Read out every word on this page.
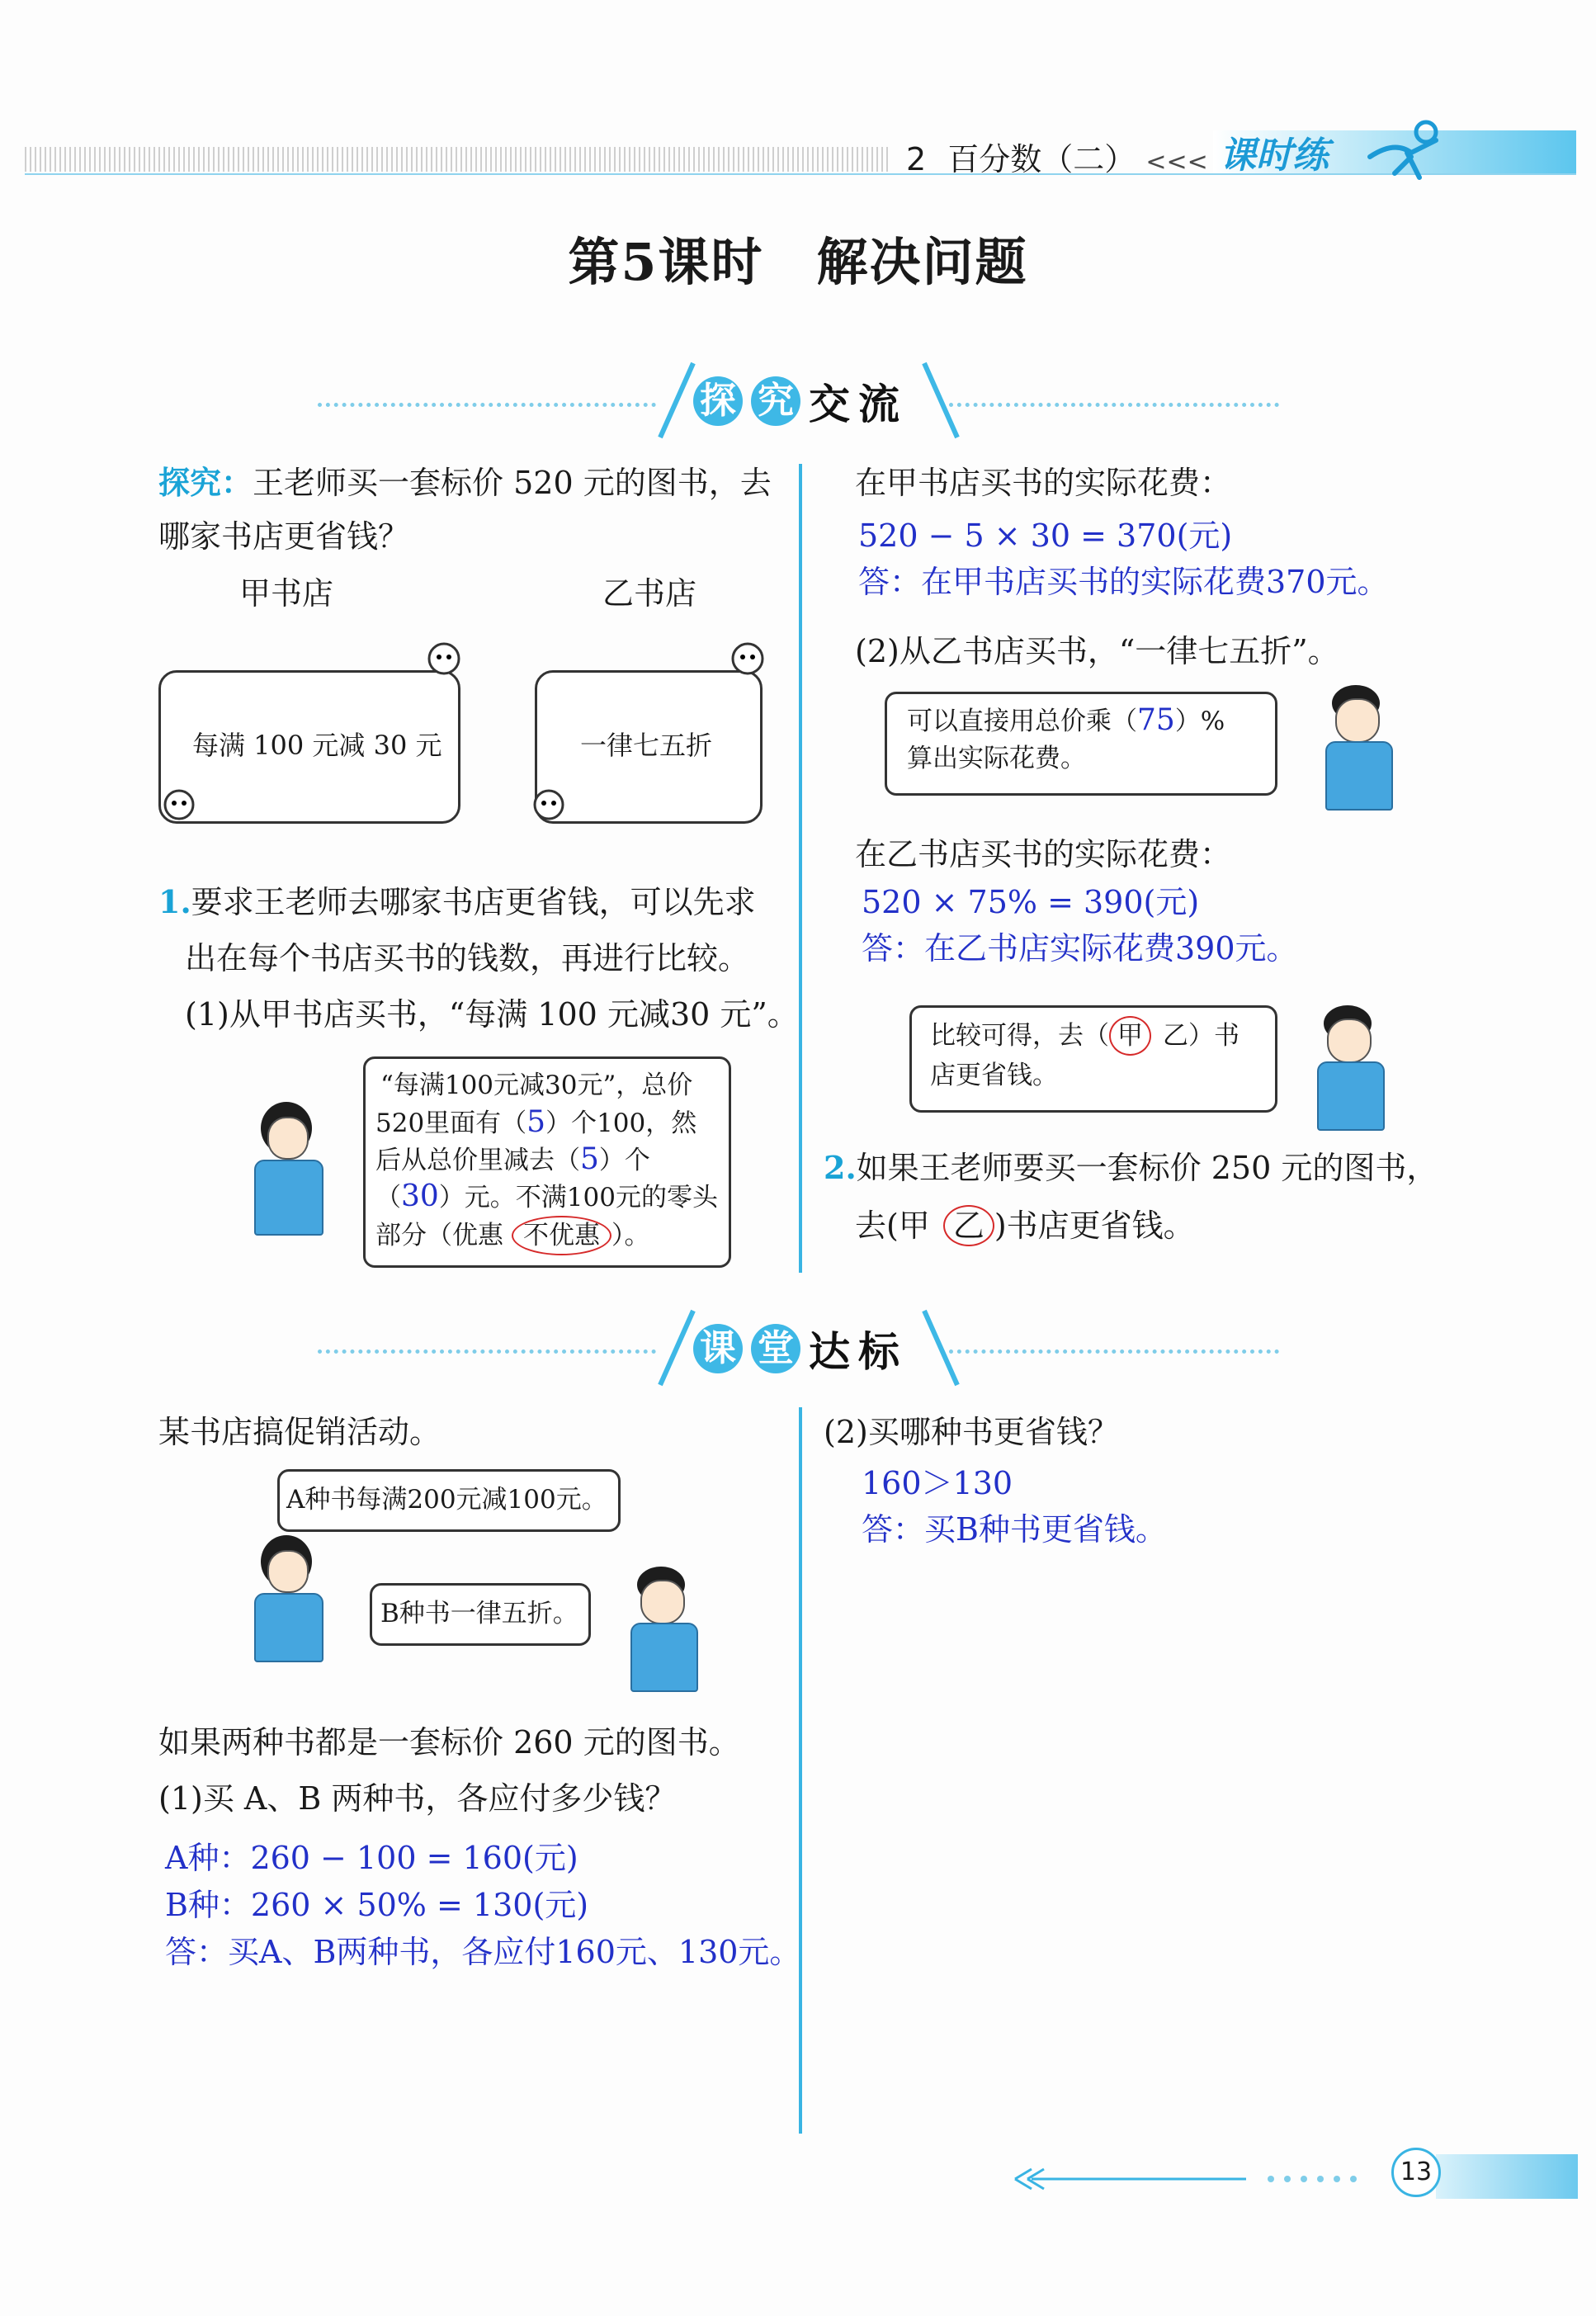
2 百分数（二） <<< 课时练
第5课时　解决问题
探 究 交 流
探究：王老师买一套标价 520 元的图书，去
哪家书店更省钱？
甲书店	乙书店
每满 100 元减 30 元	一律七五折
1.要求王老师去哪家书店更省钱，可以先求
出在每个书店买书的钱数，再进行比较。
(1)从甲书店买书，“每满 100 元减30 元”。
“每满100元减30元”，总价
520里面有（5）个100，然
后从总价里减去（5）个
（30）元。不满100元的零头
部分（优惠 不优惠 ）。
在甲书店买书的实际花费：
520 − 5 × 30 = 370(元)
答：在甲书店买书的实际花费370元。
(2)从乙书店买书，“一律七五折”。
可以直接用总价乘（75）%
算出实际花费。
在乙书店买书的实际花费：
520 × 75% = 390(元)
答：在乙书店实际花费390元。
比较可得，去（ 甲 乙）书
店更省钱。
2.如果王老师要买一套标价 250 元的图书，
去(甲 乙 )书店更省钱。
课 堂 达 标
某书店搞促销活动。
A种书每满200元减100元。
B种书一律五折。
如果两种书都是一套标价 260 元的图书。
(1)买 A、B 两种书，各应付多少钱？
A种：260 − 100 = 160(元)
B种：260 × 50% = 130(元)
答：买A、B两种书，各应付160元、130元。
(2)买哪种书更省钱？
160＞130
答：买B种书更省钱。
13
